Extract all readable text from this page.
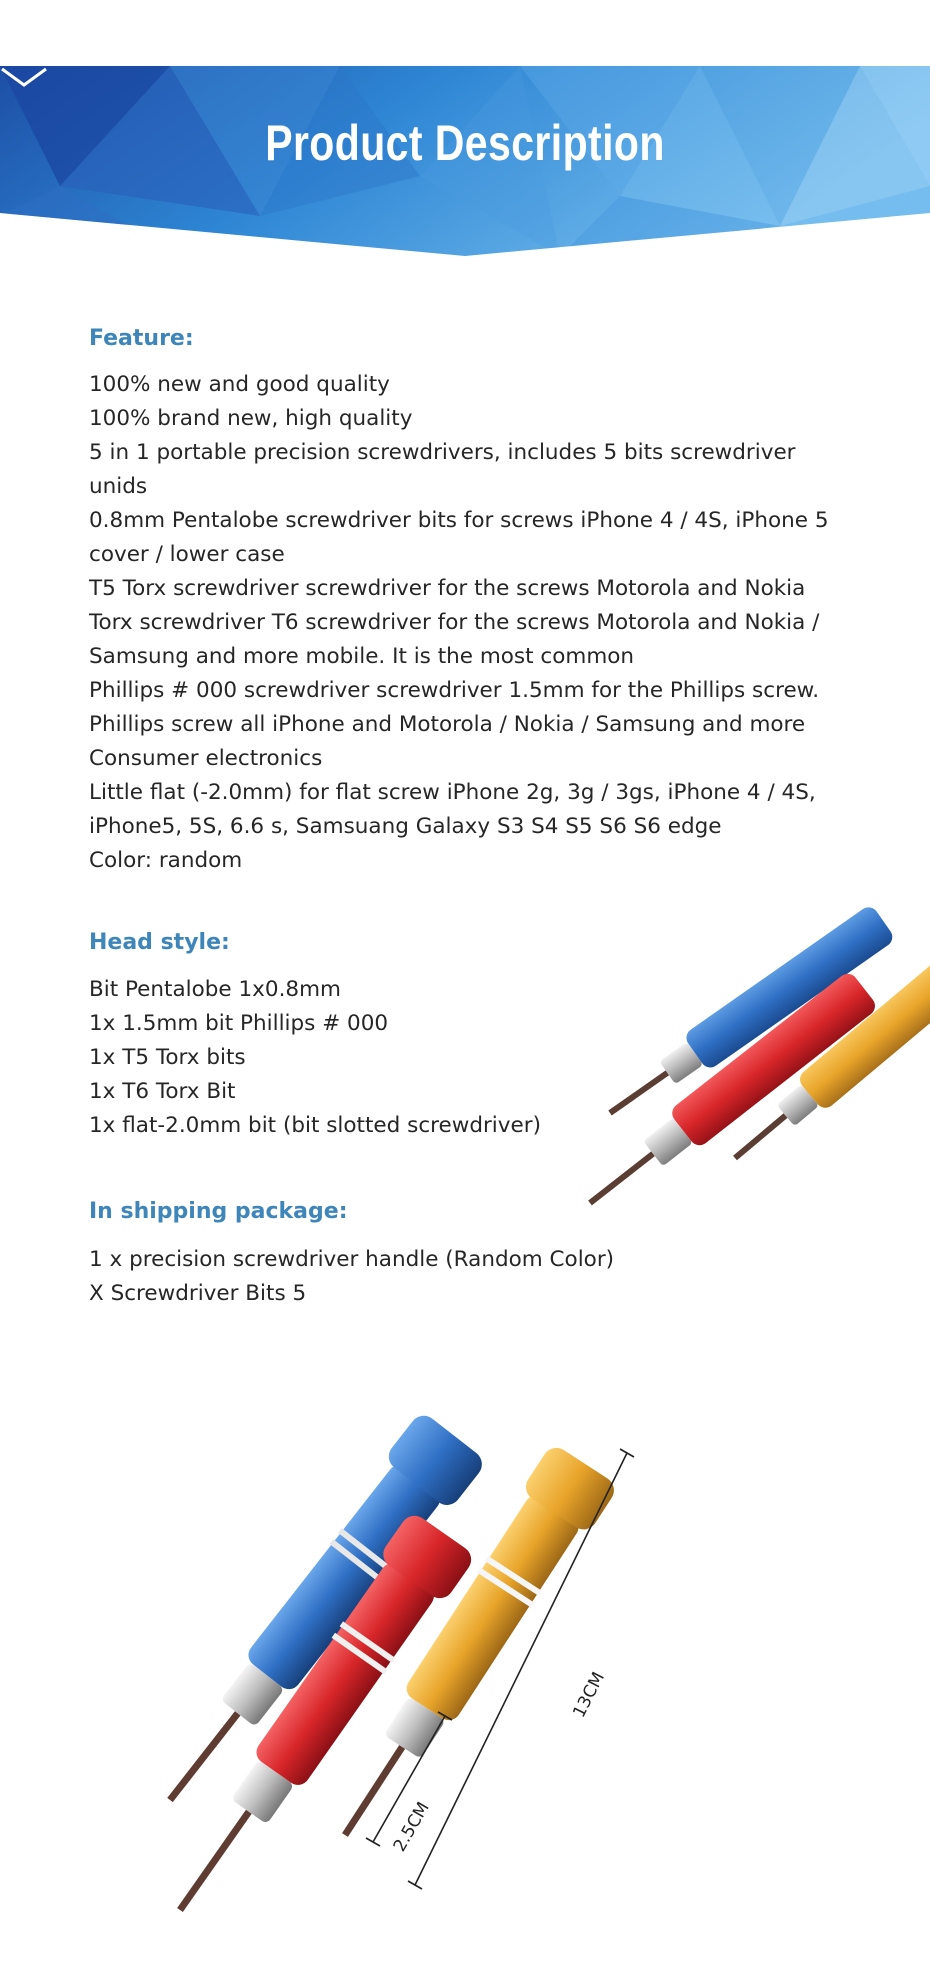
Product Description
Feature:
100% new and good quality
100% brand new, high quality
5 in 1 portable precision screwdrivers, includes 5 bits screwdriver
unids
0.8mm Pentalobe screwdriver bits for screws iPhone 4 / 4S, iPhone 5
cover / lower case
T5 Torx screwdriver screwdriver for the screws Motorola and Nokia
Torx screwdriver T6 screwdriver for the screws Motorola and Nokia /
Samsung and more mobile. It is the most common
Phillips # 000 screwdriver screwdriver 1.5mm for the Phillips screw.
Phillips screw all iPhone and Motorola / Nokia / Samsung and more
Consumer electronics
Little flat (-2.0mm) for flat screw iPhone 2g, 3g / 3gs, iPhone 4 / 4S,
iPhone5, 5S, 6.6 s, Samsuang Galaxy S3 S4 S5 S6 S6 edge
Color: random
Head style:
Bit Pentalobe 1x0.8mm
1x 1.5mm bit Phillips # 000
1x T5 Torx bits
1x T6 Torx Bit
1x flat-2.0mm bit (bit slotted screwdriver)
In shipping package:
1 x precision screwdriver handle (Random Color)
X Screwdriver Bits 5
13CM
2.5CM
